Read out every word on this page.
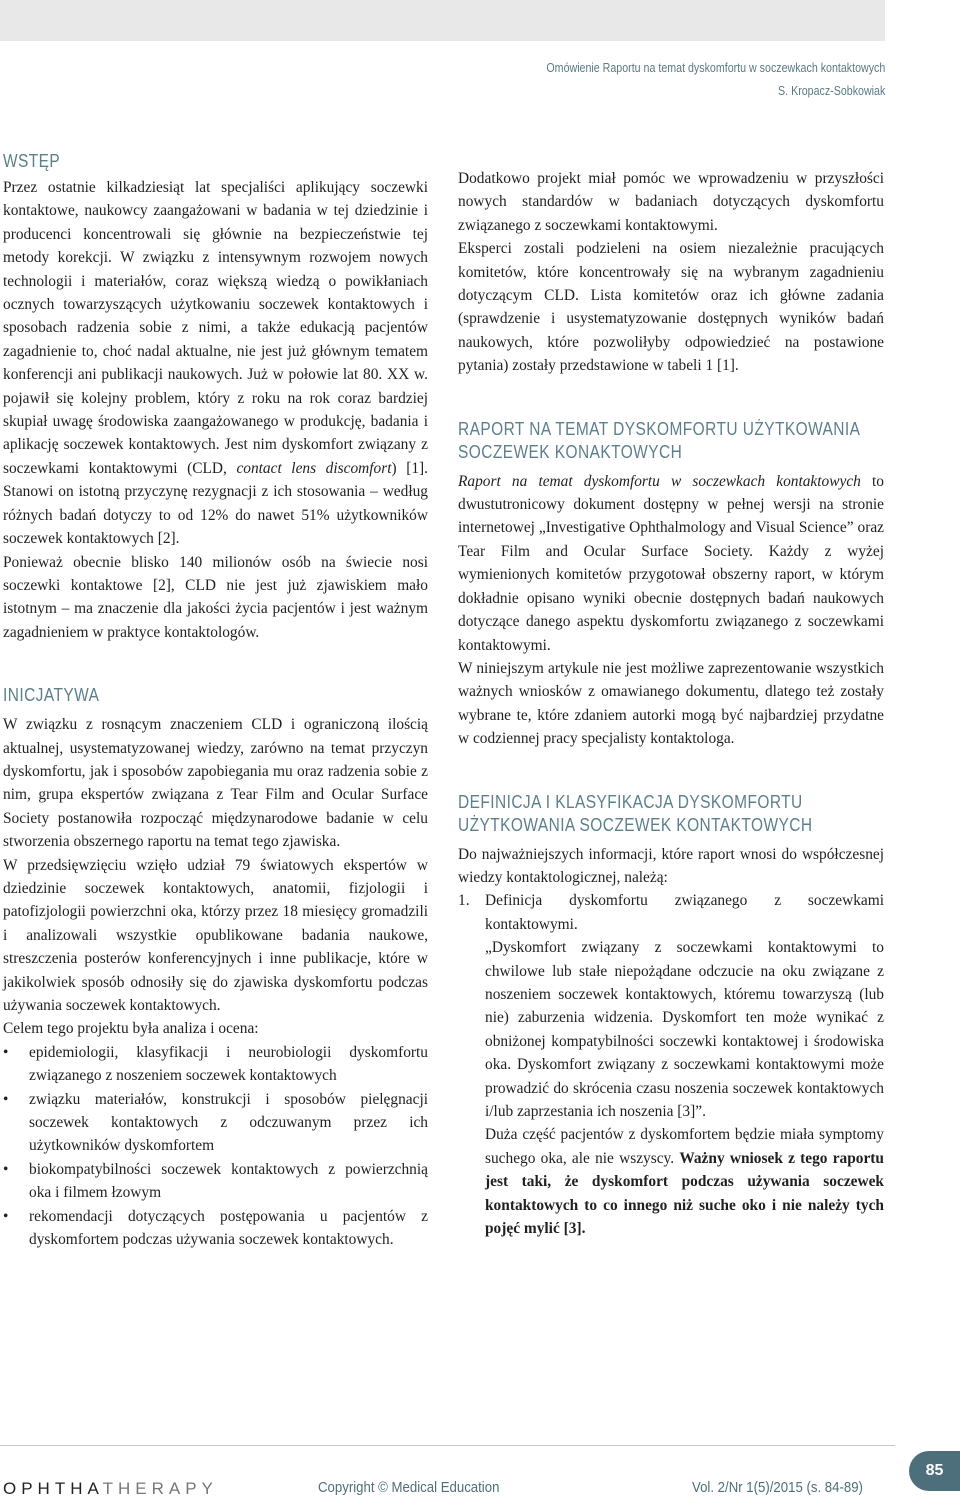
Omówienie Raportu na temat dyskomfortu w soczewkach kontaktowych
S. Kropacz-Sobkowiak
WSTĘP

Przez ostatnie kilkadziesiąt lat specjaliści aplikujący soczewki kontaktowe, naukowcy zaangażowani w badania w tej dziedzinie i producenci koncentrowali się głównie na bezpieczeństwie tej metody korekcji. W związku z intensywnym rozwojem nowych technologii i materiałów, coraz większą wiedzą o powikłaniach ocznych towarzyszących użytkowaniu soczewek kontaktowych i sposobach radzenia sobie z nimi, a także edukacją pacjentów zagadnienie to, choć nadal aktualne, nie jest już głównym tematem konferencji ani publikacji naukowych. Już w połowie lat 80. XX w. pojawił się kolejny problem, który z roku na rok coraz bardziej skupiał uwagę środowiska zaangażowanego w produkcję, badania i aplikację soczewek kontaktowych. Jest nim dyskomfort związany z soczewkami kontaktowymi (CLD, contact lens discomfort) [1]. Stanowi on istotną przyczynę rezygnacji z ich stosowania – według różnych badań dotyczy to od 12% do nawet 51% użytkowników soczewek kontaktowych [2].

Ponieważ obecnie blisko 140 milionów osób na świecie nosi soczewki kontaktowe [2], CLD nie jest już zjawiskiem mało istotnym – ma znaczenie dla jakości życia pacjentów i jest ważnym zagadnieniem w praktyce kontaktologów.

INICJATYWA

W związku z rosnącym znaczeniem CLD i ograniczoną ilością aktualnej, usystematyzowanej wiedzy, zarówno na temat przyczyn dyskomfortu, jak i sposobów zapobiegania mu oraz radzenia sobie z nim, grupa ekspertów związana z Tear Film and Ocular Surface Society postanowiła rozpocząć międzynarodowe badanie w celu stworzenia obszernego raportu na temat tego zjawiska.

W przedsięwzięciu wzięło udział 79 światowych ekspertów w dziedzinie soczewek kontaktowych, anatomii, fizjologii i patofizjologii powierzchni oka, którzy przez 18 miesięcy gromadzili i analizowali wszystkie opublikowane badania naukowe, streszczenia posterów konferencyjnych i inne publikacje, które w jakikolwiek sposób odnosiły się do zjawiska dyskomfortu podczas używania soczewek kontaktowych.

Celem tego projektu była analiza i ocena:

• epidemiologii, klasyfikacji i neurobiologii dyskomfortu związanego z noszeniem soczewek kontaktowych
• związku materiałów, konstrukcji i sposobów pielęgnacji soczewek kontaktowych z odczuwanym przez ich użytkowników dyskomfortem
• biokompatybilności soczewek kontaktowych z powierzchnią oka i filmem łzowym
• rekomendacji dotyczących postępowania u pacjentów z dyskomfortem podczas używania soczewek kontaktowych.

Dodatkowo projekt miał pomóc we wprowadzeniu w przyszłości nowych standardów w badaniach dotyczących dyskomfortu związanego z soczewkami kontaktowymi.

Eksperci zostali podzieleni na osiem niezależnie pracujących komitetów, które koncentrowały się na wybranym zagadnieniu dotyczącym CLD. Lista komitetów oraz ich główne zadania (sprawdzenie i usystematyzowanie dostępnych wyników badań naukowych, które pozwoliłyby odpowiedzieć na postawione pytania) zostały przedstawione w tabeli 1 [1].

RAPORT NA TEMAT DYSKOMFORTU UŻYTKOWANIA
SOCZEWEK KONAKTOWYCH

Raport na temat dyskomfortu w soczewkach kontaktowych to dwustutronicowy dokument dostępny w pełnej wersji na stronie internetowej „Investigative Ophthalmology and Visual Science” oraz Tear Film and Ocular Surface Society. Każdy z wyżej wymienionych komitetów przygotował obszerny raport, w którym dokładnie opisano wyniki obecnie dostępnych badań naukowych dotyczące danego aspektu dyskomfortu związanego z soczewkami kontaktowymi.

W niniejszym artykule nie jest możliwe zaprezentowanie wszystkich ważnych wniosków z omawianego dokumentu, dlatego też zostały wybrane te, które zdaniem autorki mogą być najbardziej przydatne w codziennej pracy specjalisty kontaktologa.

DEFINICJA I KLASYFIKACJA DYSKOMFORTU
UŻYTKOWANIA SOCZEWEK KONTAKTOWYCH

Do najważniejszych informacji, które raport wnosi do współczesnej wiedzy kontaktologicznej, należą:

1. Definicja dyskomfortu związanego z soczewkami kontaktowymi.

„Dyskomfort związany z soczewkami kontaktowymi to chwilowe lub stałe niepożądane odczucie na oku związane z noszeniem soczewek kontaktowych, któremu towarzyszą (lub nie) zaburzenia widzenia. Dyskomfort ten może wynikać z obniżonej kompatybilności soczewki kontaktowej i środowiska oka. Dyskomfort związany z soczewkami kontaktowymi może prowadzić do skrócenia czasu noszenia soczewek kontaktowych i/lub zaprzestania ich noszenia [3]”.

Duża część pacjentów z dyskomfortem będzie miała symptomy suchego oka, ale nie wszyscy. Ważny wniosek z tego raportu jest taki, że dyskomfort podczas używania soczewek kontaktowych to co innego niż suche oko i nie należy tych pojęć mylić [3].

OPHTHATHERAPY	Copyright © Medical Education	Vol. 2/Nr 1(5)/2015 (s. 84-89)
85
